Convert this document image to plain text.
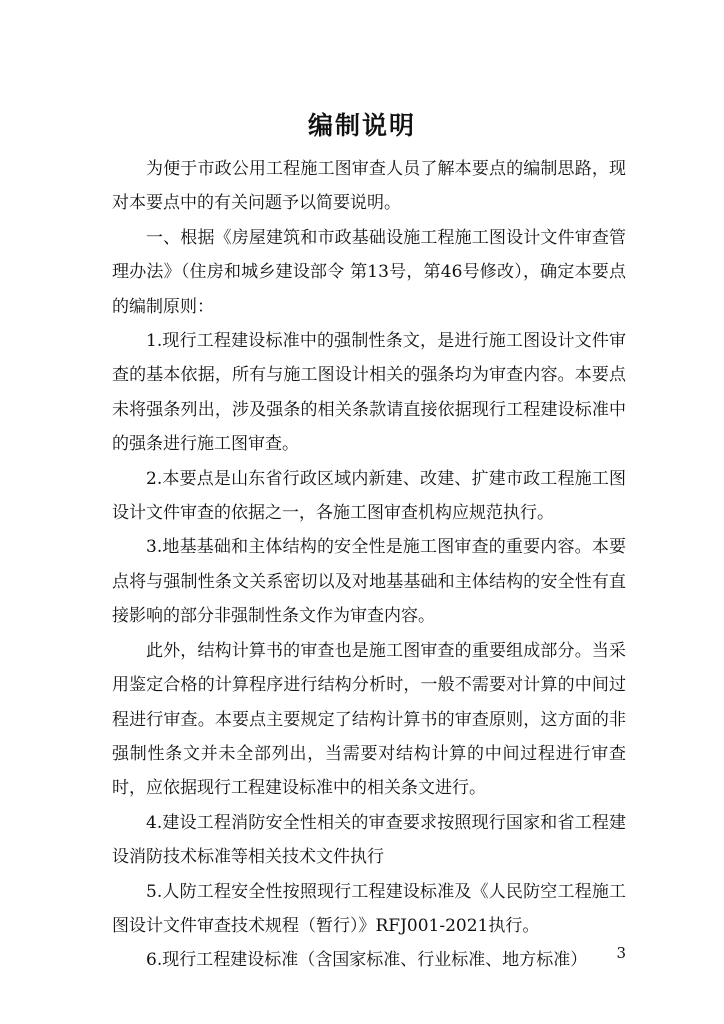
编制说明

为便于市政公用工程施工图审查人员了解本要点的编制思路，现对本要点中的有关问题予以简要说明。

一、根据《房屋建筑和市政基础设施工程施工图设计文件审查管理办法》（住房和城乡建设部令 第13号，第46号修改），确定本要点的编制原则：

1.现行工程建设标准中的强制性条文，是进行施工图设计文件审查的基本依据，所有与施工图设计相关的强条均为审查内容。本要点未将强条列出，涉及强条的相关条款请直接依据现行工程建设标准中的强条进行施工图审查。

2.本要点是山东省行政区域内新建、改建、扩建市政工程施工图设计文件审查的依据之一，各施工图审查机构应规范执行。

3.地基基础和主体结构的安全性是施工图审查的重要内容。本要点将与强制性条文关系密切以及对地基基础和主体结构的安全性有直接影响的部分非强制性条文作为审查内容。

此外，结构计算书的审查也是施工图审查的重要组成部分。当采用鉴定合格的计算程序进行结构分析时，一般不需要对计算的中间过程进行审查。本要点主要规定了结构计算书的审查原则，这方面的非强制性条文并未全部列出，当需要对结构计算的中间过程进行审查时，应依据现行工程建设标准中的相关条文进行。

4.建设工程消防安全性相关的审查要求按照现行国家和省工程建设消防技术标准等相关技术文件执行

5.人防工程安全性按照现行工程建设标准及《人民防空工程施工图设计文件审查技术规程（暂行）》RFJ001-2021执行。

6.现行工程建设标准（含国家标准、行业标准、地方标准）	3
